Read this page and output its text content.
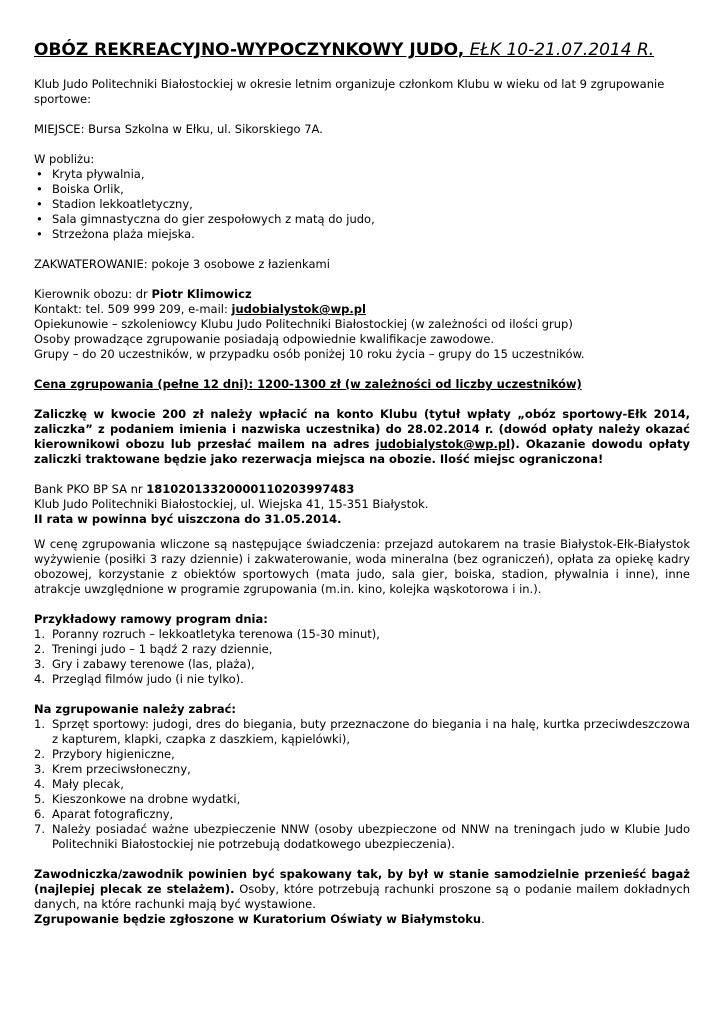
OBÓZ REKREACYJNO-WYPOCZYNKOWY JUDO, EŁK 10-21.07.2014 R.

Klub Judo Politechniki Białostockiej w okresie letnim organizuje członkom Klubu w wieku od lat 9 zgrupowanie sportowe:

MIEJSCE: Bursa Szkolna w Ełku, ul. Sikorskiego 7A.

W pobliżu:

• Kryta pływalnia,
• Boiska Orlik,
• Stadion lekkoatletyczny,
• Sala gimnastyczna do gier zespołowych z matą do judo,
• Strzeżona plaża miejska.

ZAKWATEROWANIE: pokoje 3 osobowe z łazienkami

Kierownik obozu: dr Piotr Klimowicz

Kontakt: tel. 509 999 209, e-mail: judobialystok@wp.pl

Opiekunowie – szkoleniowcy Klubu Judo Politechniki Białostockiej (w zależności od ilości grup)

Osoby prowadzące zgrupowanie posiadają odpowiednie kwalifikacje zawodowe.

Grupy – do 20 uczestników, w przypadku osób poniżej 10 roku życia – grupy do 15 uczestników.

Cena zgrupowania (pełne 12 dni): 1200-1300 zł (w zależności od liczby uczestników)

Zaliczkę w kwocie 200 zł należy wpłacić na konto Klubu (tytuł wpłaty „obóz sportowy-Ełk 2014, zaliczka” z podaniem imienia i nazwiska uczestnika) do 28.02.2014 r. (dowód opłaty należy okazać kierownikowi obozu lub przesłać mailem na adres judobialystok@wp.pl). Okazanie dowodu opłaty zaliczki traktowane będzie jako rezerwacja miejsca na obozie. Ilość miejsc ograniczona!

Bank PKO BP SA nr 18102013320000110203997483

Klub Judo Politechniki Białostockiej, ul. Wiejska 41, 15-351 Białystok.

II rata w powinna być uiszczona do 31.05.2014.

W cenę zgrupowania wliczone są następujące świadczenia: przejazd autokarem na trasie Białystok-Ełk-Białystok wyżywienie (posiłki 3 razy dziennie) i zakwaterowanie, woda mineralna (bez ograniczeń), opłata za opiekę kadry obozowej, korzystanie z obiektów sportowych (mata judo, sala gier, boiska, stadion, pływalnia i inne), inne atrakcje uwzględnione w programie zgrupowania (m.in. kino, kolejka wąskotorowa i in.).

Przykładowy ramowy program dnia:

1. Poranny rozruch – lekkoatletyka terenowa (15-30 minut),
2. Treningi judo – 1 bądź 2 razy dziennie,
3. Gry i zabawy terenowe (las, plaża),
4. Przegląd filmów judo (i nie tylko).

Na zgrupowanie należy zabrać:

1. Sprzęt sportowy: judogi, dres do biegania, buty przeznaczone do biegania i na halę, kurtka przeciwdeszczowa z kapturem, klapki, czapka z daszkiem, kąpielówki),
2. Przybory higieniczne,
3. Krem przeciwsłoneczny,
4. Mały plecak,
5. Kieszonkowe na drobne wydatki,
6. Aparat fotograficzny,
7. Należy posiadać ważne ubezpieczenie NNW (osoby ubezpieczone od NNW na treningach judo w Klubie Judo Politechniki Białostockiej nie potrzebują dodatkowego ubezpieczenia).

Zawodniczka/zawodnik powinien być spakowany tak, by był w stanie samodzielnie przenieść bagaż (najlepiej plecak ze stelażem). Osoby, które potrzebują rachunki proszone są o podanie mailem dokładnych danych, na które rachunki mają być wystawione.

Zgrupowanie będzie zgłoszone w Kuratorium Oświaty w Białymstoku.
